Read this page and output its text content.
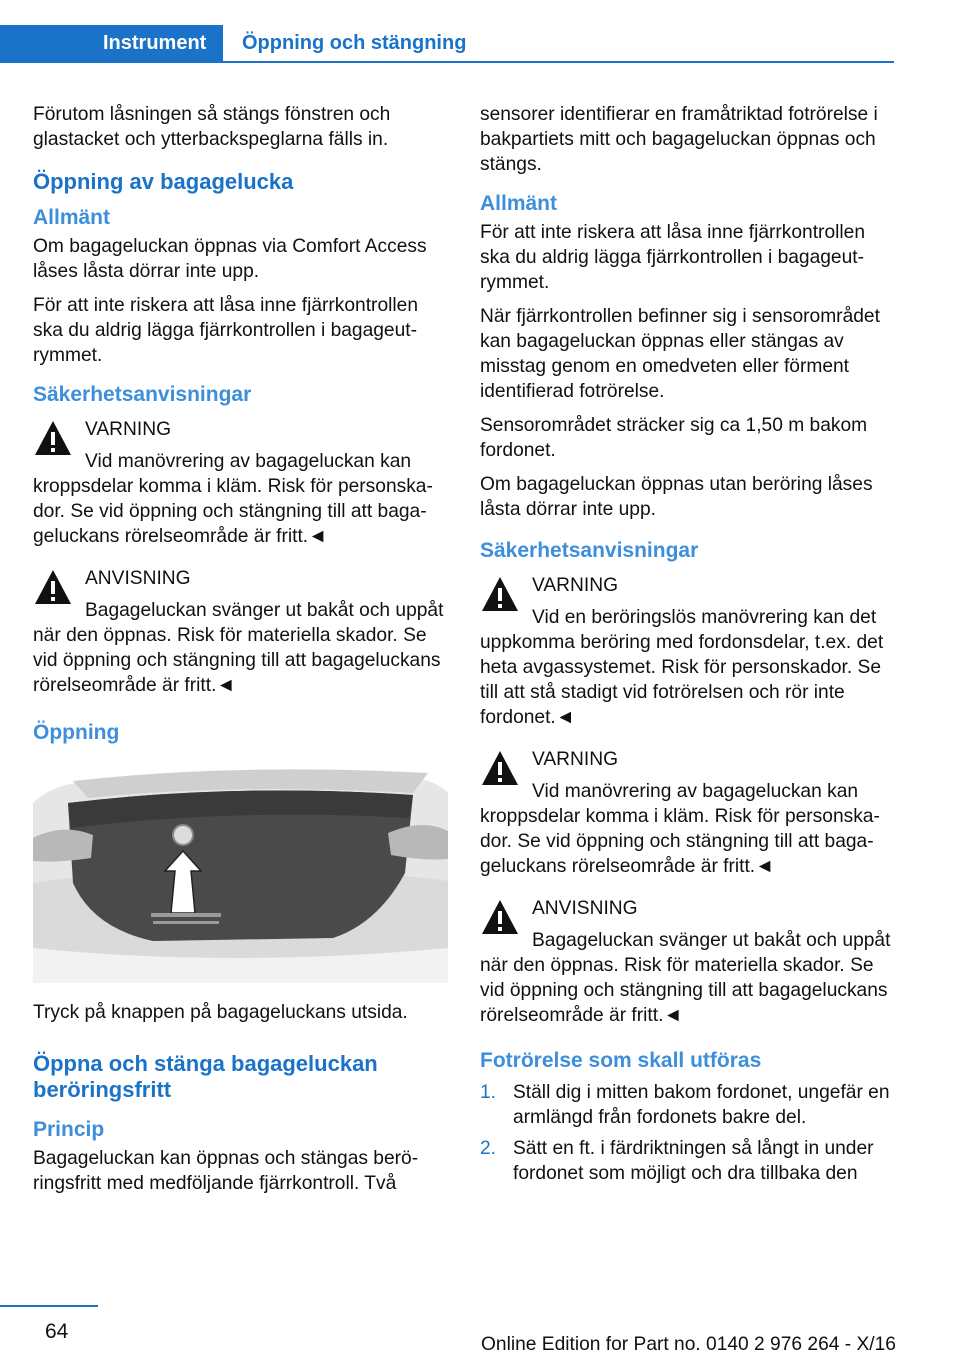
Instrument	Öppning och stängning

Förutom låsningen så stängs fönstren och glastacket och ytterbackspeglarna fälls in.

Öppning av bagagelucka
Allmänt

Om bagageluckan öppnas via Comfort Access låses låsta dörrar inte upp.

För att inte riskera att låsa inne fjärrkontrollen ska du aldrig lägga fjärrkontrollen i bagageutrymmet.

Säkerhetsanvisningar
VARNING
Vid manövrering av bagageluckan kan kroppsdelar komma i kläm. Risk för personskador. Se vid öppning och stängning till att bagageluckans rörelseområde är fritt.◄
ANVISNING
Bagageluckan svänger ut bakåt och uppåt när den öppnas. Risk för materiella skador. Se vid öppning och stängning till att bagageluckans rörelseområde är fritt.◄
Öppning

Tryck på knappen på bagageluckans utsida.

Öppna och stänga bagageluckan beröringsfritt
Princip

Bagageluckan kan öppnas och stängas beröringsfritt med medföljande fjärrkontroll. Två

sensorer identifierar en framåtriktad fotrörelse i bakpartiets mitt och bagageluckan öppnas och stängs.

Allmänt

För att inte riskera att låsa inne fjärrkontrollen ska du aldrig lägga fjärrkontrollen i bagageutrymmet.

När fjärrkontrollen befinner sig i sensorområdet kan bagageluckan öppnas eller stängas av misstag genom en omedveten eller förment identifierad fotrörelse.

Sensorområdet sträcker sig ca 1,50 m bakom fordonet.

Om bagageluckan öppnas utan beröring låses låsta dörrar inte upp.

Säkerhetsanvisningar
VARNING
Vid en beröringslös manövrering kan det uppkomma beröring med fordonsdelar, t.ex. det heta avgassystemet. Risk för personskador. Se till att stå stadigt vid fotrörelsen och rör inte fordonet.◄
VARNING
Vid manövrering av bagageluckan kan kroppsdelar komma i kläm. Risk för personskador. Se vid öppning och stängning till att bagageluckans rörelseområde är fritt.◄
ANVISNING
Bagageluckan svänger ut bakåt och uppåt när den öppnas. Risk för materiella skador. Se vid öppning och stängning till att bagageluckans rörelseområde är fritt.◄
Fotrörelse som skall utföras
1. Ställ dig i mitten bakom fordonet, ungefär en armlängd från fordonets bakre del.
2. Sätt en ft. i färdriktningen så långt in under fordonet som möjligt och dra tillbaka den
64
Online Edition for Part no. 0140 2 976 264 - X/16
